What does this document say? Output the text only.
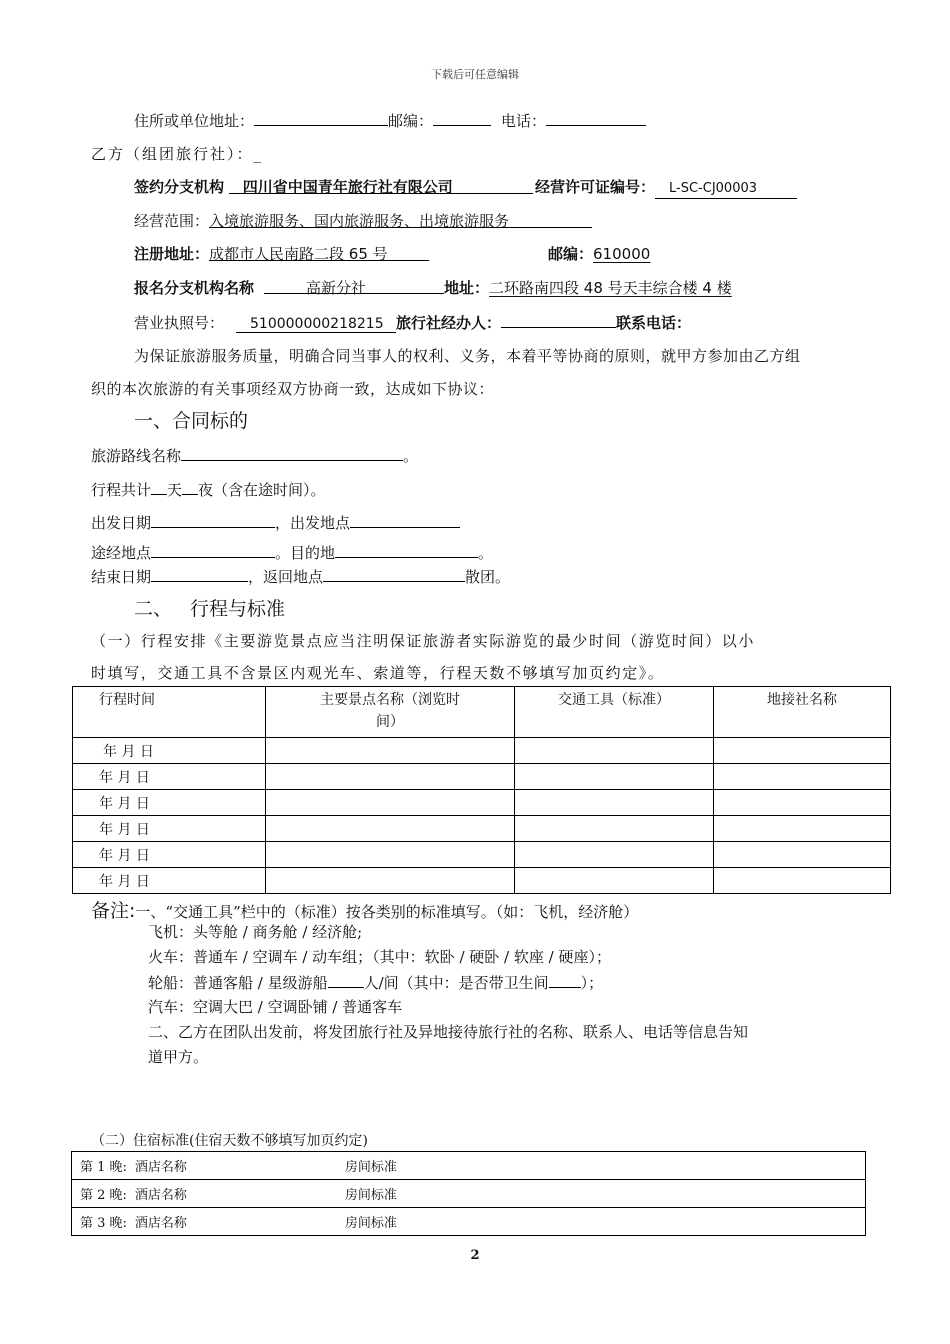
下载后可任意编辑
住所或单位地址：	邮编：	电话：
乙方（组团旅行社）：_
签约分支机构 四川省中国青年旅行社有限公司	经营许可证编号： L-SC-CJ00003
经营范围：入境旅游服务、国内旅游服务、出境旅游服务
注册地址：成都市人民南路二段 65 号	邮编：610000
报名分支机构名称	高新分社	地址：二环路南四段 48 号天丰综合楼 4 楼
营业执照号： 510000000218215 旅行社经办人：	联系电话：
为保证旅游服务质量，明确合同当事人的权利、义务，本着平等协商的原则，就甲方参加由乙方组
织的本次旅游的有关事项经双方协商一致，达成如下协议：
一、合同标的
旅游路线名称	。
行程共计 天 夜（含在途时间）。
出发日期	，出发地点
途经地点	。目的地	。
结束日期	，返回地点	散团。
二、 行程与标准
（一）行程安排《主要游览景点应当注明保证旅游者实际游览的最少时间（游览时间）以小
时填写，交通工具不含景区内观光车、索道等，行程天数不够填写加页约定》。
行程时间	主要景点名称（浏览时
间）	交通工具（标准）	地接社名称
年 月 日			
年 月 日			
年 月 日			
年 月 日			
年 月 日			
年 月 日			
备注:一、“交通工具”栏中的（标准）按各类别的标准填写。（如：飞机，经济舱）
飞机：头等舱 / 商务舱 / 经济舱;
火车：普通车 / 空调车 / 动车组；（其中：软卧 / 硬卧 / 软座 / 硬座）；
轮船：普通客船 / 星级游船 人/间（其中：是否带卫生间 ）；
汽车：空调大巴 / 空调卧铺 / 普通客车
二、乙方在团队出发前，将发团旅行社及异地接待旅行社的名称、联系人、电话等信息告知
道甲方。
（二）住宿标准(住宿天数不够填写加页约定)
第 1 晚: 酒店名称	房间标准
第 2 晚: 酒店名称	房间标准
第 3 晚: 酒店名称	房间标准
2
